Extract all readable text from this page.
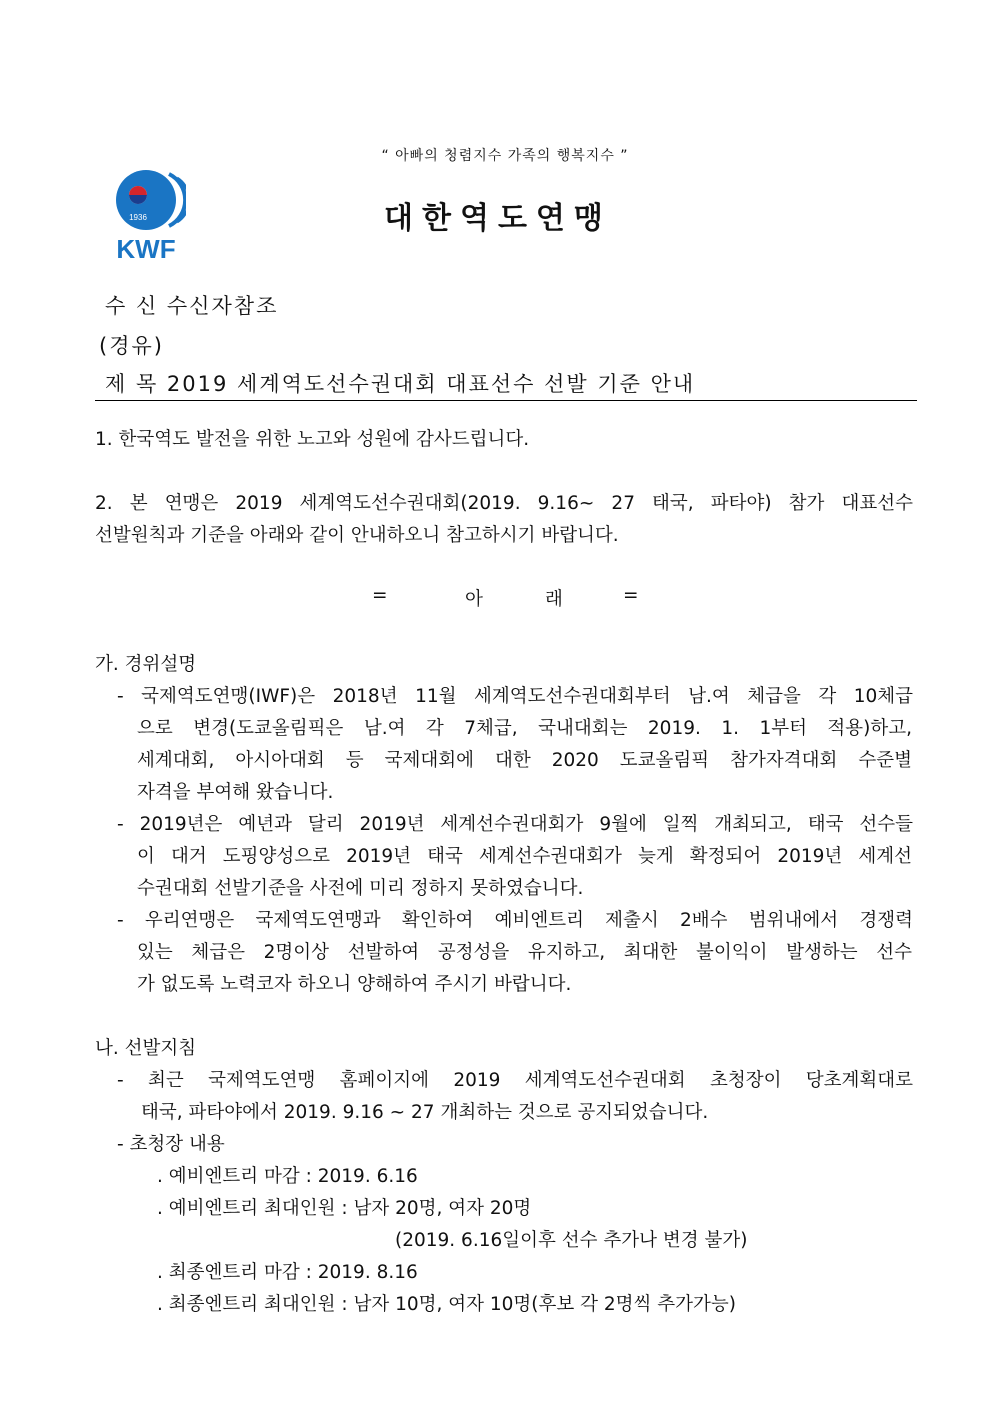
“ 아빠의 청렴지수 가족의 행복지수 ”
1936
KWF
대한역도연맹
수 신 수신자참조
(경유)
제 목 2019 세계역도선수권대회 대표선수 선발 기준 안내
1. 한국역도 발전을 위한 노고와 성원에 감사드립니다.
2. 본 연맹은 2019 세계역도선수권대회(2019. 9.16~ 27 태국, 파타야) 참가 대표선수
선발원칙과 기준을 아래와 같이 안내하오니 참고하시기 바랍니다.
=	아	래	=
가. 경위설명
- 국제역도연맹(IWF)은 2018년 11월 세계역도선수권대회부터 남.여 체급을 각 10체급
으로 변경(도쿄올림픽은 남.여 각 7체급, 국내대회는 2019. 1. 1부터 적용)하고,
세계대회, 아시아대회 등 국제대회에 대한 2020 도쿄올림픽 참가자격대회 수준별
자격을 부여해 왔습니다.
- 2019년은 예년과 달리 2019년 세계선수권대회가 9월에 일찍 개최되고, 태국 선수들
이 대거 도핑양성으로 2019년 태국 세계선수권대회가 늦게 확정되어 2019년 세계선
수권대회 선발기준을 사전에 미리 정하지 못하였습니다.
- 우리연맹은 국제역도연맹과 확인하여 예비엔트리 제출시 2배수 범위내에서 경쟁력
있는 체급은 2명이상 선발하여 공정성을 유지하고, 최대한 불이익이 발생하는 선수
가 없도록 노력코자 하오니 양해하여 주시기 바랍니다.
나. 선발지침
- 최근 국제역도연맹 홈페이지에 2019 세계역도선수권대회 초청장이 당초계획대로
태국, 파타야에서 2019. 9.16 ~ 27 개최하는 것으로 공지되었습니다.
- 초청장 내용
. 예비엔트리 마감 : 2019. 6.16
. 예비엔트리 최대인원 : 남자 20명, 여자 20명
(2019. 6.16일이후 선수 추가나 변경 불가)
. 최종엔트리 마감 : 2019. 8.16
. 최종엔트리 최대인원 : 남자 10명, 여자 10명(후보 각 2명씩 추가가능)
